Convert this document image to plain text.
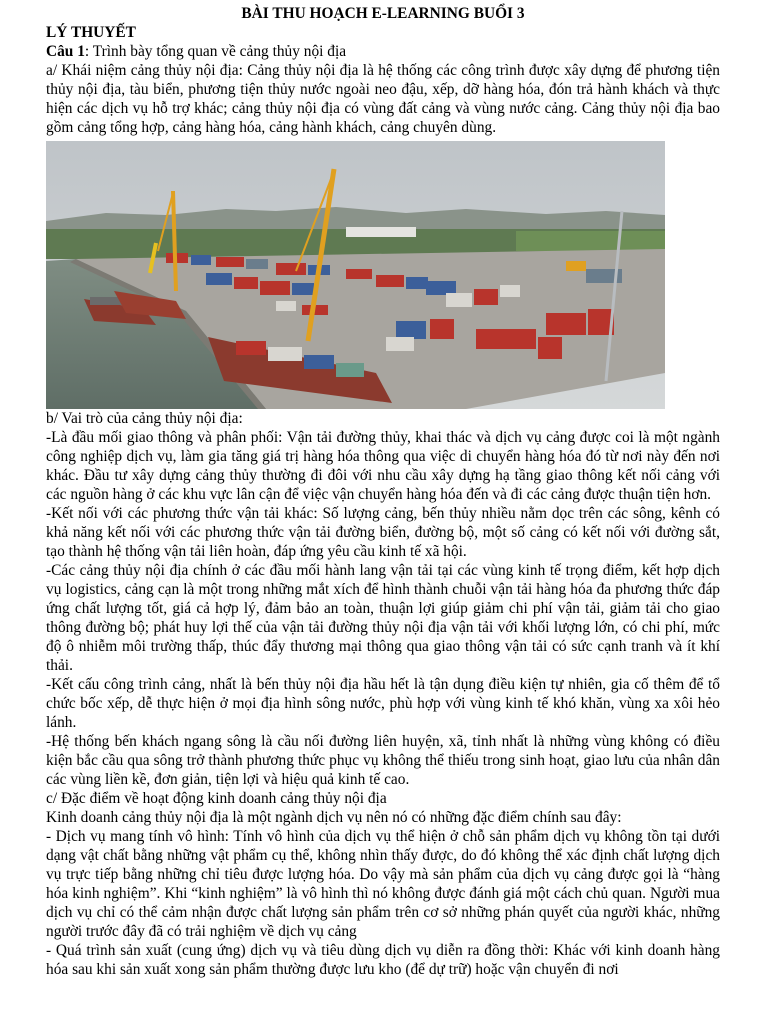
BÀI THU HOẠCH E-LEARNING BUỔI 3

LÝ THUYẾT

Câu 1: Trình bày tổng quan về cảng thủy nội địa

a/ Khái niệm cảng thủy nội địa: Cảng thủy nội địa là hệ thống các công trình được xây dựng để phương tiện thủy nội địa, tàu biển, phương tiện thủy nước ngoài neo đậu, xếp, dỡ hàng hóa, đón trả hành khách và thực hiện các dịch vụ hỗ trợ khác; cảng thủy nội địa có vùng đất cảng và vùng nước cảng. Cảng thủy nội địa bao gồm cảng tổng hợp, cảng hàng hóa, cảng hành khách, cảng chuyên dùng.

b/ Vai trò của cảng thủy nội địa:

-Là đầu mối giao thông và phân phối: Vận tải đường thủy, khai thác và dịch vụ cảng được coi là một ngành công nghiệp dịch vụ, làm gia tăng giá trị hàng hóa thông qua việc di chuyển hàng hóa đó từ nơi này đến nơi khác. Đầu tư xây dựng cảng thủy thường đi đôi với nhu cầu xây dựng hạ tầng giao thông kết nối cảng với các nguồn hàng ở các khu vực lân cận để việc vận chuyển hàng hóa đến và đi các cảng được thuận tiện hơn.

-Kết nối với các phương thức vận tải khác: Số lượng cảng, bến thủy nhiều nằm dọc trên các sông, kênh có khả năng kết nối với các phương thức vận tải đường biển, đường bộ, một số cảng có kết nối với đường sắt, tạo thành hệ thống vận tải liên hoàn, đáp ứng yêu cầu kinh tế xã hội.

-Các cảng thủy nội địa chính ở các đầu mối hành lang vận tải tại các vùng kinh tế trọng điểm, kết hợp dịch vụ logistics, cảng cạn là một trong những mắt xích để hình thành chuỗi vận tải hàng hóa đa phương thức đáp ứng chất lượng tốt, giá cả hợp lý, đảm bảo an toàn, thuận lợi giúp giảm chi phí vận tải, giảm tải cho giao thông đường bộ; phát huy lợi thế của vận tải đường thủy nội địa vận tải với khối lượng lớn, có chi phí, mức độ ô nhiễm môi trường thấp, thúc đẩy thương mại thông qua giao thông vận tải có sức cạnh tranh và ít khí thải.

-Kết cấu công trình cảng, nhất là bến thủy nội địa hầu hết là tận dụng điều kiện tự nhiên, gia cố thêm để tổ chức bốc xếp, dễ thực hiện ở mọi địa hình sông nước, phù hợp với vùng kinh tế khó khăn, vùng xa xôi hẻo lánh.

-Hệ thống bến khách ngang sông là cầu nối đường liên huyện, xã, tỉnh nhất là những vùng không có điều kiện bắc cầu qua sông trở thành phương thức phục vụ không thể thiếu trong sinh hoạt, giao lưu của nhân dân các vùng liền kề, đơn giản, tiện lợi và hiệu quả kinh tế cao.

c/ Đặc điểm về hoạt động kinh doanh cảng thủy nội địa

Kinh doanh cảng thủy nội địa là một ngành dịch vụ nên nó có những đặc điểm chính sau đây:

- Dịch vụ mang tính vô hình: Tính vô hình của dịch vụ thể hiện ở chỗ sản phẩm dịch vụ không tồn tại dưới dạng vật chất bằng những vật phẩm cụ thể, không nhìn thấy được, do đó không thể xác định chất lượng dịch vụ trực tiếp bằng những chỉ tiêu được lượng hóa. Do vậy mà sản phẩm của dịch vụ cảng được gọi là “hàng hóa kinh nghiệm”. Khi “kinh nghiệm” là vô hình thì nó không được đánh giá một cách chủ quan. Người mua dịch vụ chỉ có thể cảm nhận được chất lượng sản phẩm trên cơ sở những phán quyết của người khác, những người trước đây đã có trải nghiệm về dịch vụ cảng

- Quá trình sản xuất (cung ứng) dịch vụ và tiêu dùng dịch vụ diễn ra đồng thời: Khác với kinh doanh hàng hóa sau khi sản xuất xong sản phẩm thường được lưu kho (để dự trữ) hoặc vận chuyển đi nơi
